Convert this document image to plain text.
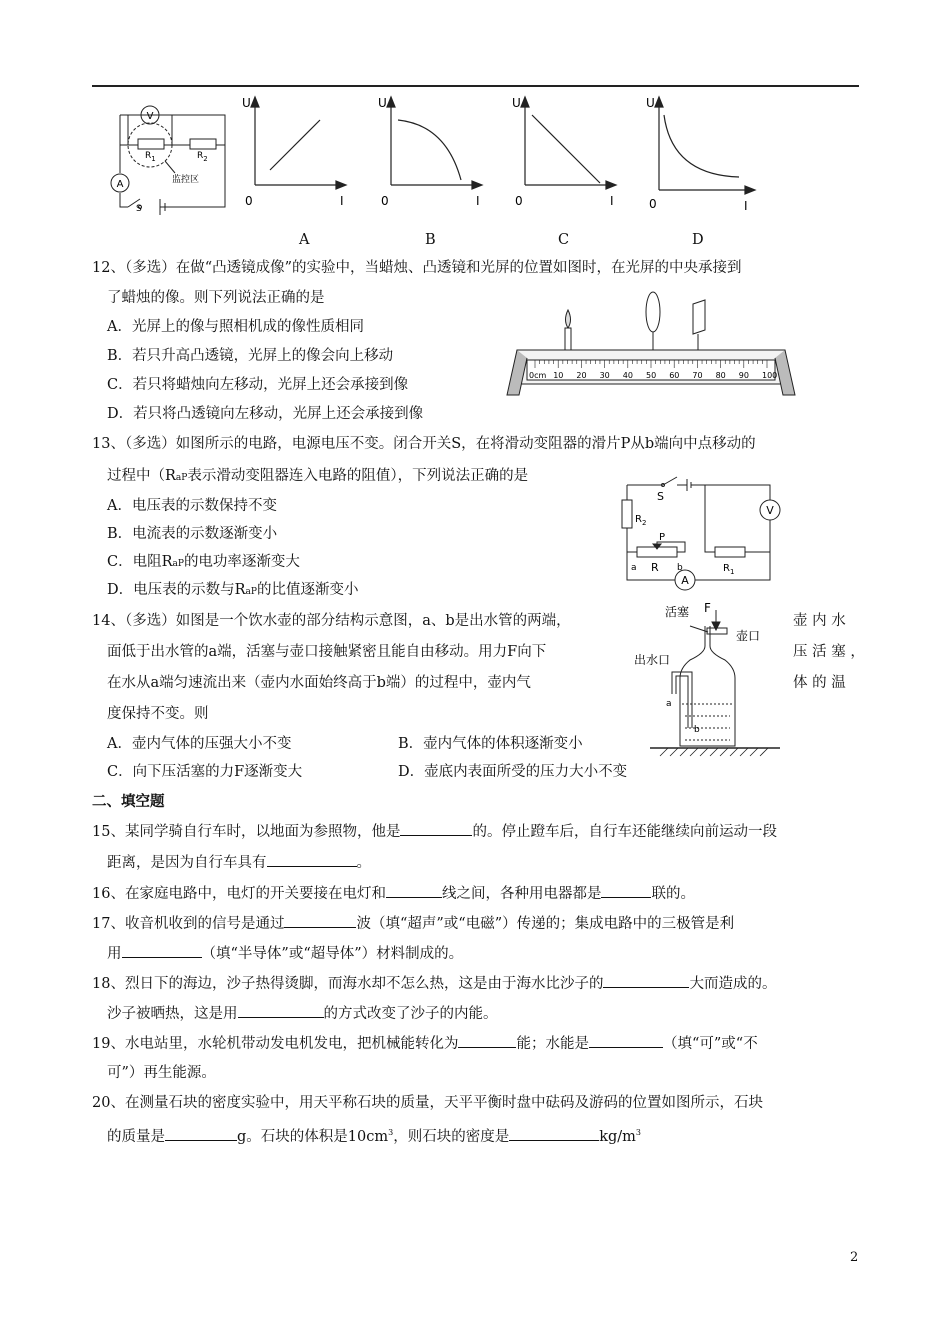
V
A
$R_1$	$R_2$
S
监控区
U
0	I
U
0	I
U
0	I
U
0	I
A	B	C	D
12、（多选）在做“凸透镜成像”的实验中，当蜡烛、凸透镜和光屏的位置如图时，在光屏的中央承接到
了蜡烛的像。则下列说法正确的是
A．光屏上的像与照相机成的像性质相同
B．若只升高凸透镜，光屏上的像会向上移动
C．若只将蜡烛向左移动，光屏上还会承接到像
D．若只将凸透镜向左移动，光屏上还会承接到像
0cm 10 20 30 40 50 60 70 80 90 100
13、（多选）如图所示的电路，电源电压不变。闭合开关S，在将滑动变阻器的滑片P从b端向中点移动的
过程中（RaP表示滑动变阻器连入电路的阻值），下列说法正确的是
A．电压表的示数保持不变
B．电流表的示数逐渐变小
C．电阻RaP的电功率逐渐变大
D．电压表的示数与RaP的比值逐渐变小
S
V
$R_2$
P
a R b	$R_1$
A
14、（多选）如图是一个饮水壶的部分结构示意图，a、b是出水管的两端，	壶 内 水
面低于出水管的a端，活塞与壶口接触紧密且能自由移动。用力F向下	压 活 塞 ，
在水从a端匀速流出来（壶内水面始终高于b端）的过程中，壶内气	体 的 温
度保持不变。则
A．壶内气体的压强大小不变	B．壶内气体的体积逐渐变小
C．向下压活塞的力F逐渐变大	D．壶底内表面所受的压力大小不变
活塞 F
壶口
出水口
a
b
二、填空题
15、某同学骑自行车时，以地面为参照物，他是	的。停止蹬车后，自行车还能继续向前运动一段
距离，是因为自行车具有	。
16、在家庭电路中，电灯的开关要接在电灯和	线之间，各种用电器都是	联的。
17、收音机收到的信号是通过	波（填“超声”或“电磁”）传递的；集成电路中的三极管是利
用	（填“半导体”或“超导体”）材料制成的。
18、烈日下的海边，沙子热得烫脚，而海水却不怎么热，这是由于海水比沙子的	大而造成的。
沙子被晒热，这是用	的方式改变了沙子的内能。
19、水电站里，水轮机带动发电机发电，把机械能转化为	能；水能是	（填“可”或“不
可”）再生能源。
20、在测量石块的密度实验中，用天平称石块的质量，天平平衡时盘中砝码及游码的位置如图所示，石块
的质量是	g。石块的体积是$10cm^3$，则石块的密度是	$kg/m^3$
2
